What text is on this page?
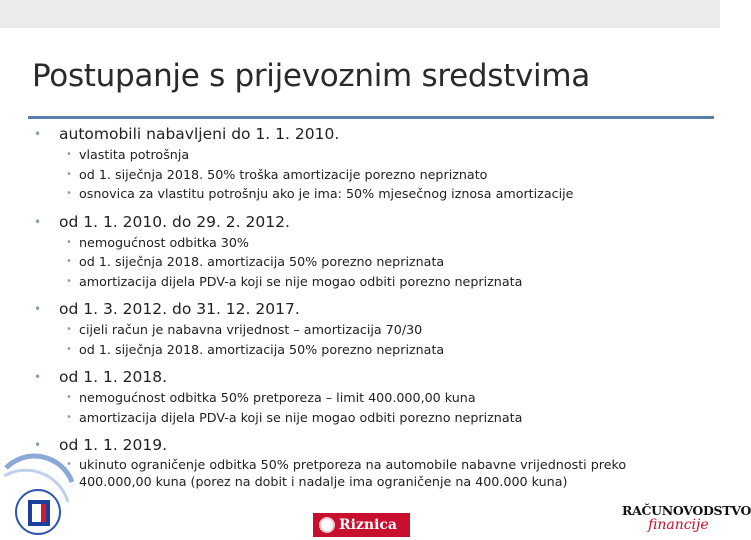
Postupanje s prijevoznim sredstvima
• automobili nabavljeni do 1. 1. 2010.
• vlastita potrošnja
• od 1. siječnja 2018. 50% troška amortizacije porezno nepriznato
• osnovica za vlastitu potrošnju ako je ima: 50% mjesečnog iznosa amortizacije
• od 1. 1. 2010. do 29. 2. 2012.
• nemogućnost odbitka 30%
• od 1. siječnja 2018. amortizacija 50% porezno nepriznata
• amortizacija dijela PDV-a koji se nije mogao odbiti porezno nepriznata
• od 1. 3. 2012. do 31. 12. 2017.
• cijeli račun je nabavna vrijednost – amortizacija 70/30
• od 1. siječnja 2018. amortizacija 50% porezno nepriznata
• od 1. 1. 2018.
• nemogućnost odbitka 50% pretporeza – limit 400.000,00 kuna
• amortizacija dijela PDV-a koji se nije mogao odbiti porezno nepriznata
• od 1. 1. 2019.
• ukinuto ograničenje odbitka 50% pretporeza na automobile nabavne vrijednosti preko 400.000,00 kuna (porez na dobit i nadalje ima ograničenje na 400.000 kuna)
Riznica
RAČUNOVODSTVO
financije
